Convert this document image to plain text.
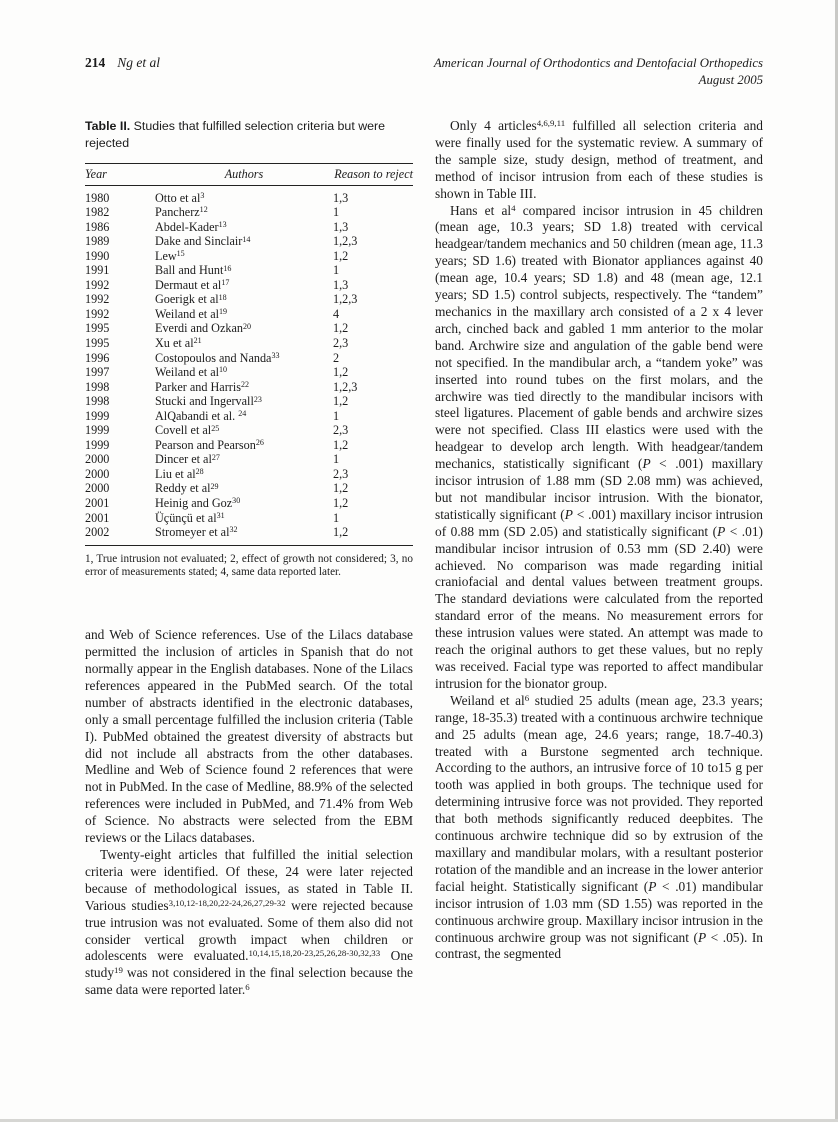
214 Ng et al	American Journal of Orthodontics and Dentofacial Orthopedics
August 2005

Table II. Studies that fulfilled selection criteria but were rejected

Year	Authors	Reason to reject
1980	Otto et $al^3$	1,3
1982	Pancherz$^{12}$	1
1986	Abdel-Kader$^{13}$	1,3
1989	Dake and Sinclair$^{14}$	1,2,3
1990	Lew$^{15}$	1,2
1991	Ball and Hunt$^{16}$	1
1992	Dermaut et $al^{17}$	1,3
1992	Goerigk et $al^{18}$	1,2,3
1992	Weiland et $al^{19}$	4
1995	Everdi and Ozkan$^{20}$	1,2
1995	Xu et $al^{21}$	2,3
1996	Costopoulos and Nanda$^{33}$	2
1997	Weiland et $al^{10}$	1,2
1998	Parker and Harris$^{22}$	1,2,3
1998	Stucki and Ingervall$^{23}$	1,2
1999	AlQabandi et al. $^{24}$	1
1999	Covell et $al^{25}$	2,3
1999	Pearson and Pearson$^{26}$	1,2
2000	Dincer et $al^{27}$	1
2000	Liu et $al^{28}$	2,3
2000	Reddy et $al^{29}$	1,2
2001	Heinig and Goz$^{30}$	1,2
2001	Üçünçü et $al^{31}$	1
2002	Stromeyer et $al^{32}$	1,2

1, True intrusion not evaluated; 2, effect of growth not considered; 3, no error of measurements stated; 4, same data reported later.

and Web of Science references. Use of the Lilacs database permitted the inclusion of articles in Spanish that do not normally appear in the English databases. None of the Lilacs references appeared in the PubMed search. Of the total number of abstracts identified in the electronic databases, only a small percentage fulfilled the inclusion criteria (Table I). PubMed obtained the greatest diversity of abstracts but did not include all abstracts from the other databases. Medline and Web of Science found 2 references that were not in PubMed. In the case of Medline, 88.9% of the selected references were included in PubMed, and 71.4% from Web of Science. No abstracts were selected from the EBM reviews or the Lilacs databases.

Twenty-eight articles that fulfilled the initial selection criteria were identified. Of these, 24 were later rejected because of methodological issues, as stated in Table II. Various studies$^{3,10,12-18,20,22-24,26,27,29-32}$ were rejected because true intrusion was not evaluated. Some of them also did not consider vertical growth impact when children or adolescents were evaluated.$^{10,14,15,18,20-23,25,26,28-30,32,33}$ One study$^{19}$ was not considered in the final selection because the same data were reported later.$^6$

Only 4 articles$^{4,6,9,11}$ fulfilled all selection criteria and were finally used for the systematic review. A summary of the sample size, study design, method of treatment, and method of incisor intrusion from each of these studies is shown in Table III.

Hans et $al^4$ compared incisor intrusion in 45 children (mean age, 10.3 years; SD 1.8) treated with cervical headgear/tandem mechanics and 50 children (mean age, 11.3 years; SD 1.6) treated with Bionator appliances against 40 (mean age, 10.4 years; SD 1.8) and 48 (mean age, 12.1 years; SD 1.5) control subjects, respectively. The “tandem” mechanics in the maxillary arch consisted of a 2 x 4 lever arch, cinched back and gabled 1 mm anterior to the molar band. Archwire size and angulation of the gable bend were not specified. In the mandibular arch, a “tandem yoke” was inserted into round tubes on the first molars, and the archwire was tied directly to the mandibular incisors with steel ligatures. Placement of gable bends and archwire sizes were not specified. Class III elastics were used with the headgear to develop arch length. With headgear/tandem mechanics, statistically significant (P < .001) maxillary incisor intrusion of 1.88 mm (SD 2.08 mm) was achieved, but not mandibular incisor intrusion. With the bionator, statistically significant (P < .001) maxillary incisor intrusion of 0.88 mm (SD 2.05) and statistically significant (P < .01) mandibular incisor intrusion of 0.53 mm (SD 2.40) were achieved. No comparison was made regarding initial craniofacial and dental values between treatment groups. The standard deviations were calculated from the reported standard error of the means. No measurement errors for these intrusion values were stated. An attempt was made to reach the original authors to get these values, but no reply was received. Facial type was reported to affect mandibular intrusion for the bionator group.

Weiland et $al^6$ studied 25 adults (mean age, 23.3 years; range, 18-35.3) treated with a continuous archwire technique and 25 adults (mean age, 24.6 years; range, 18.7-40.3) treated with a Burstone segmented arch technique. According to the authors, an intrusive force of 10 to15 g per tooth was applied in both groups. The technique used for determining intrusive force was not provided. They reported that both methods significantly reduced deepbites. The continuous archwire technique did so by extrusion of the maxillary and mandibular molars, with a resultant posterior rotation of the mandible and an increase in the lower anterior facial height. Statistically significant (P < .01) mandibular incisor intrusion of 1.03 mm (SD 1.55) was reported in the continuous archwire group. Maxillary incisor intrusion in the continuous archwire group was not significant (P < .05). In contrast, the segmented
